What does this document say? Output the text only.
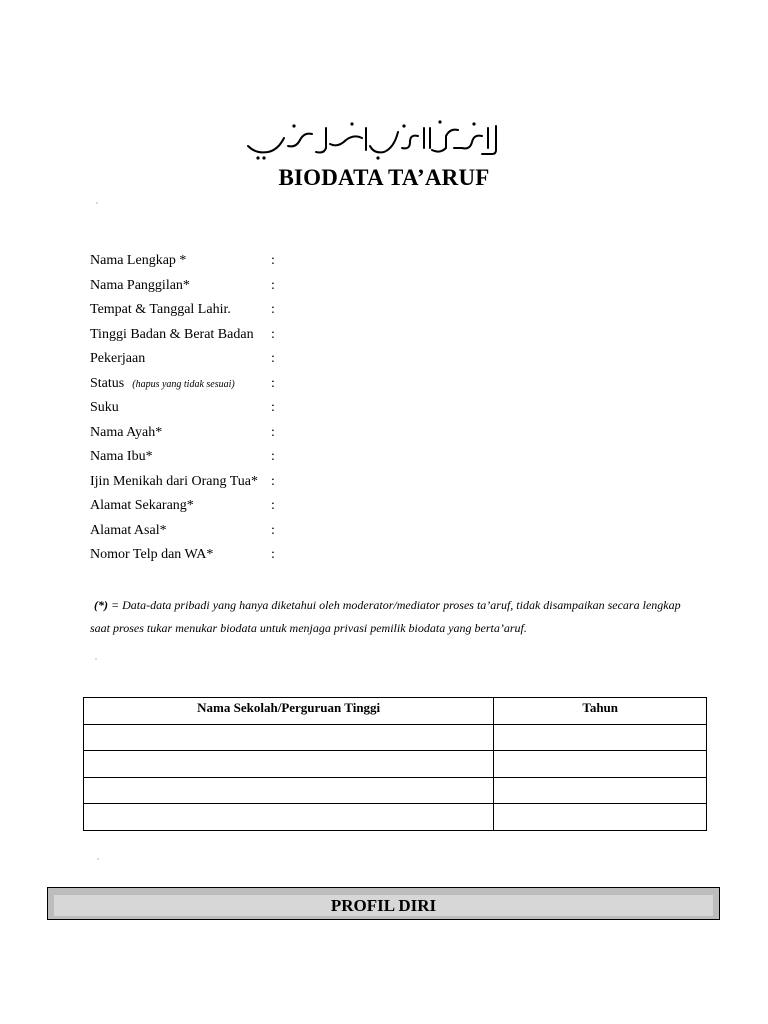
BIODATA TA’ARUF
Nama Lengkap *	:
Nama Panggilan*	:
Tempat & Tanggal Lahir.	:
Tinggi Badan & Berat Badan :
Pekerjaan	:
Status (hapus yang tidak sesuai)	:
Suku	:
Nama Ayah*	:
Nama Ibu*	:
Ijin Menikah dari Orang Tua* :
Alamat Sekarang*	:
Alamat Asal*	:
Nomor Telp dan WA*	:
(*) = Data-data pribadi yang hanya diketahui oleh moderator/mediator proses ta’aruf, tidak disampaikan secara lengkap saat proses tukar menukar biodata untuk menjaga privasi pemilik biodata yang berta’aruf.
Nama Sekolah/Perguruan Tinggi	Tahun

PROFIL DIRI
